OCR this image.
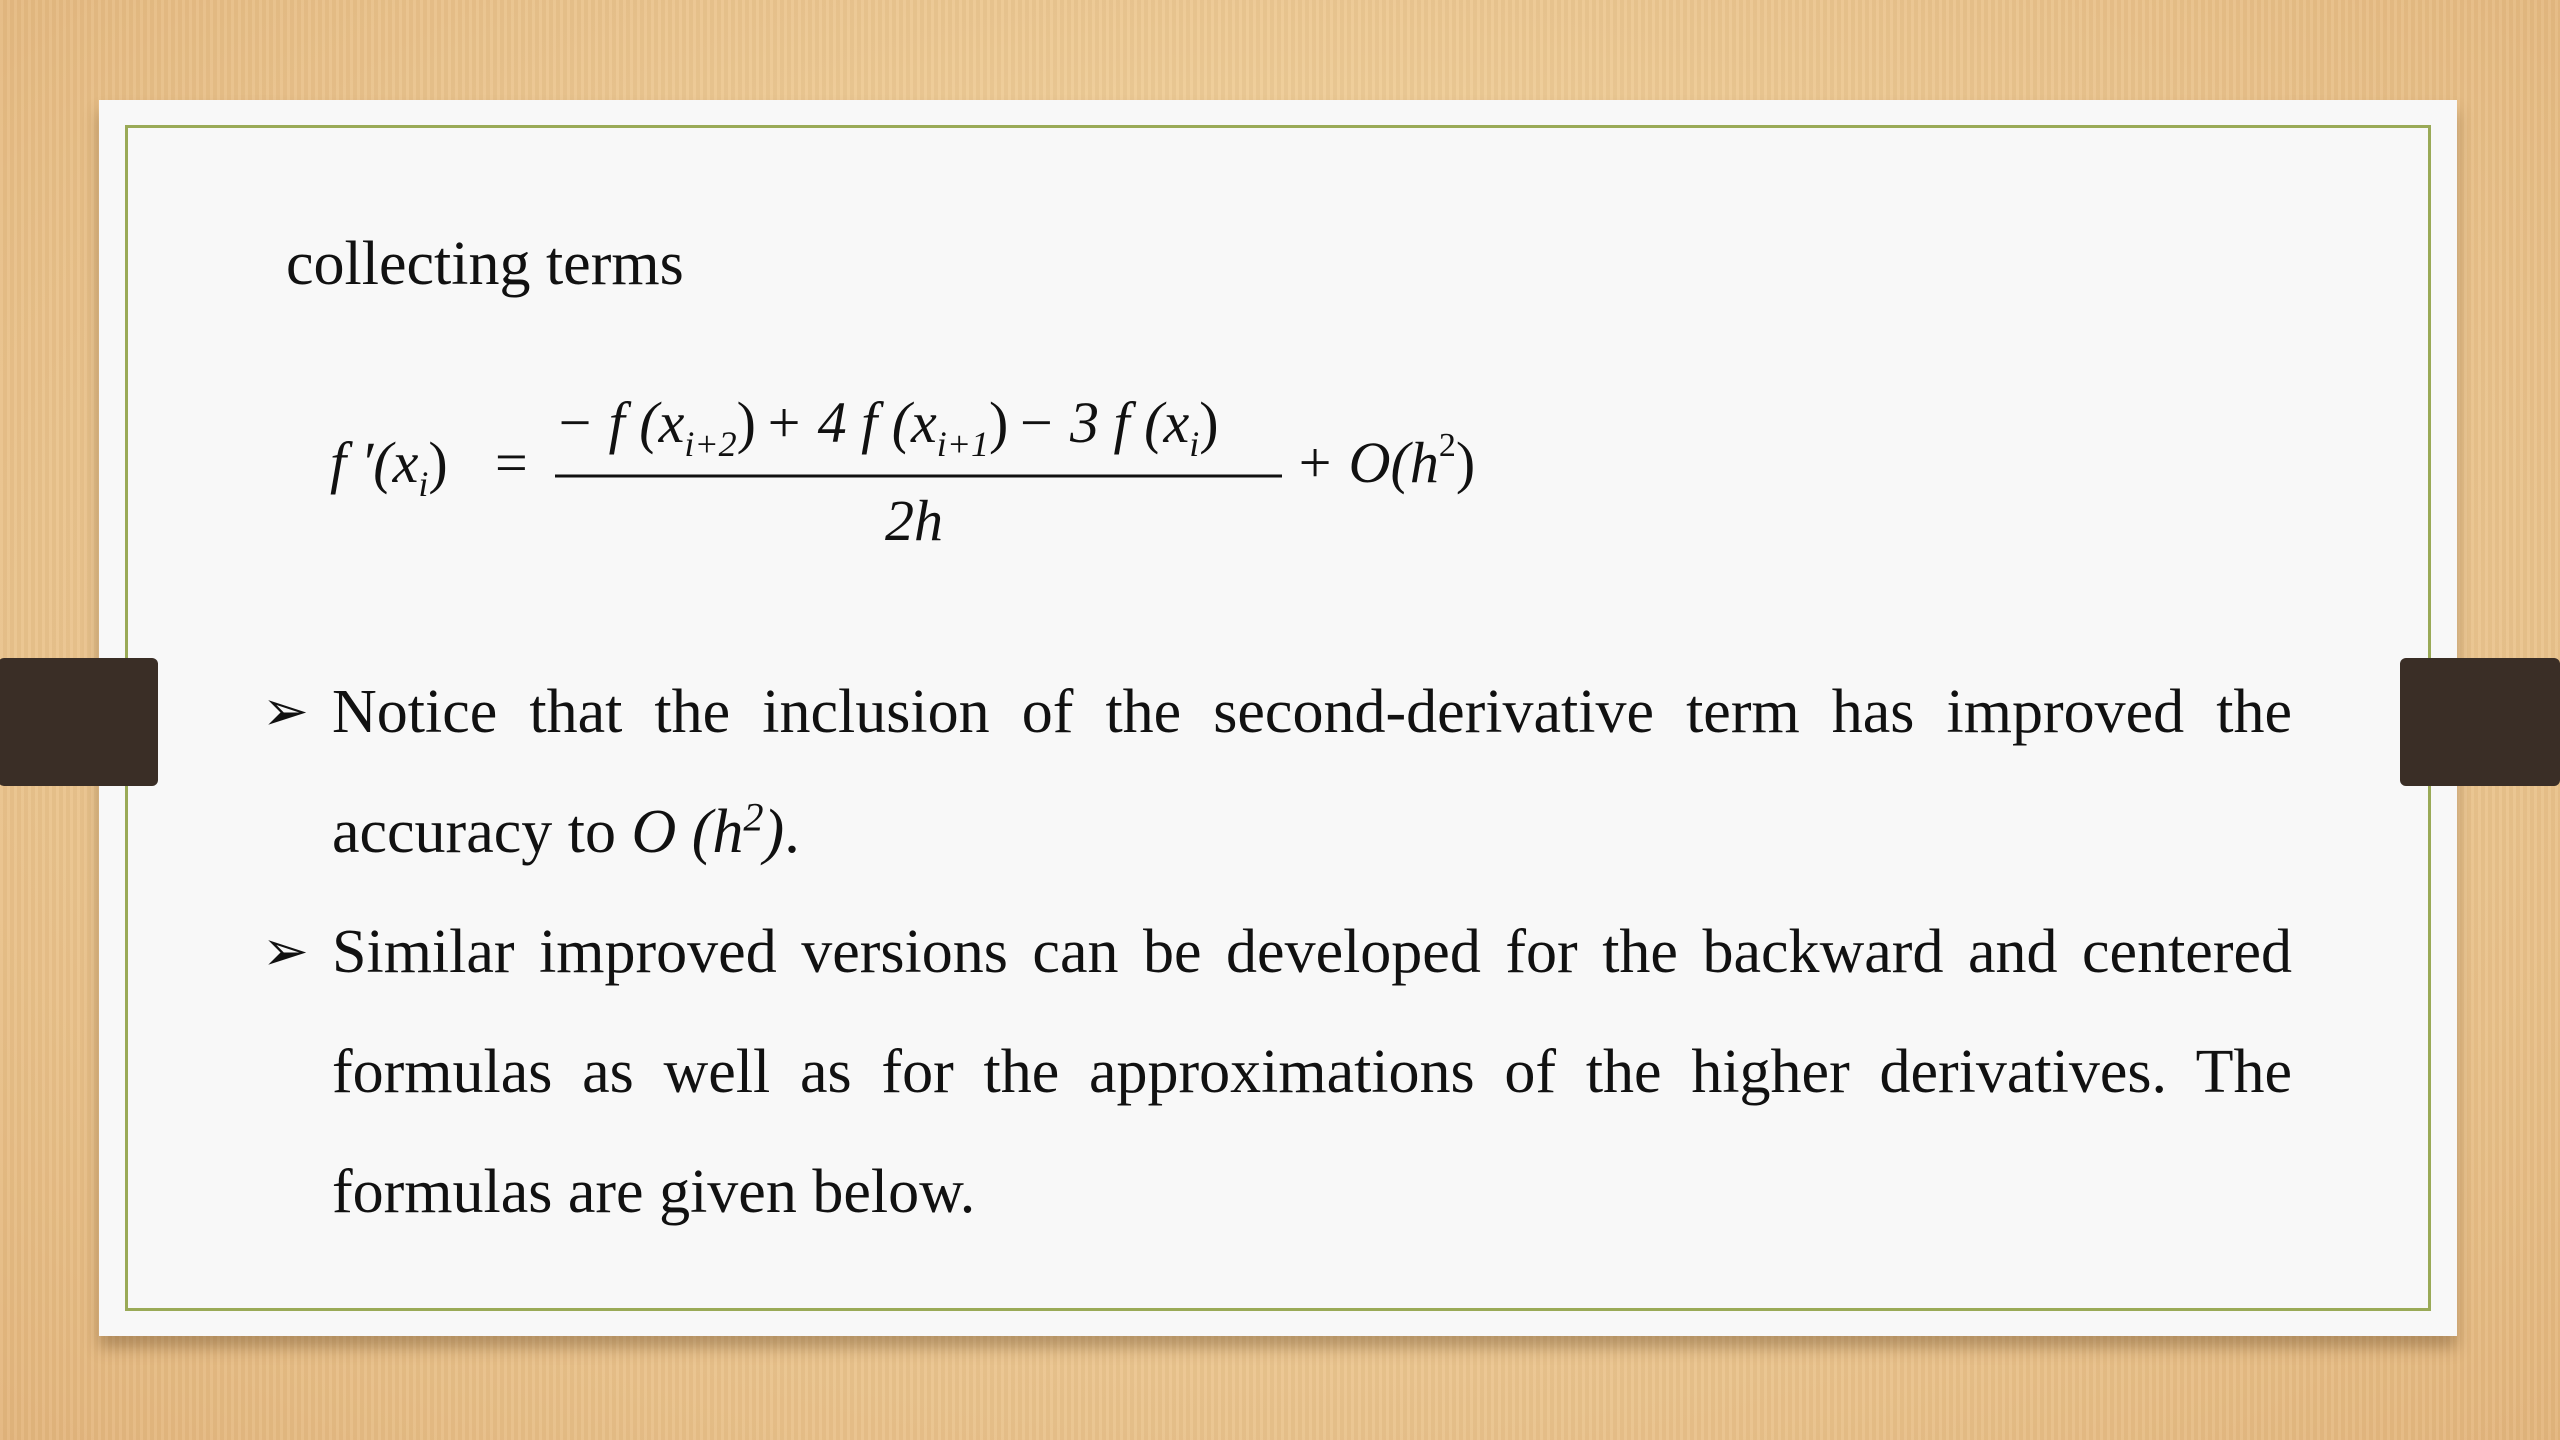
collecting terms

f $'(x_i)$ =
− f $(x_{i+2}) + 4$ f $(x_{i+1}) - 3$ f $(x_i)$
2h
+ $O(h^2)$
➢ Notice that the inclusion of the second-derivative term has improved the accuracy to O $(h^2)$.
➢ Similar improved versions can be developed for the backward and centered formulas as well as for the approximations of the higher derivatives. The formulas are given below.
